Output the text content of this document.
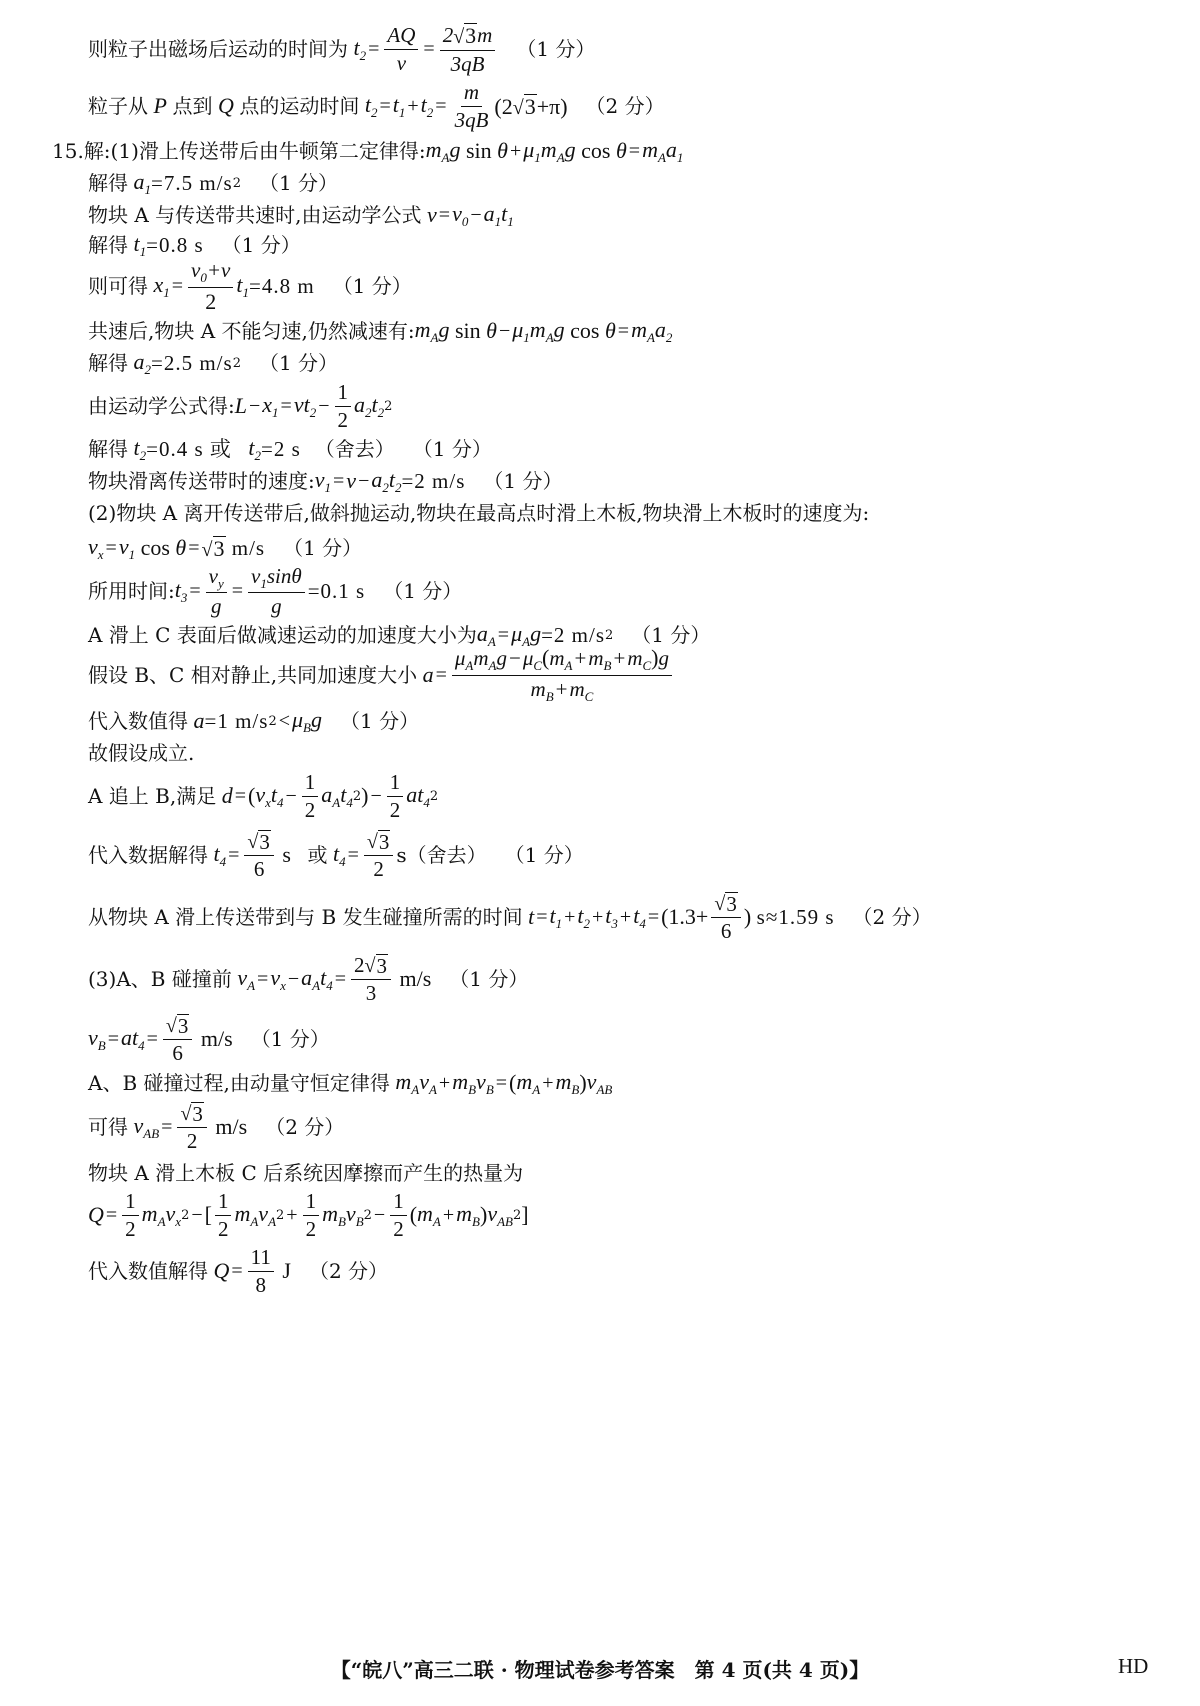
则粒子出磁场后运动的时间为 $t_2 = \frac{AQ}{v} = \frac{2 √ 3 m}{3qB} (1$ 分）
粒子从 P 点到 Q 点的运动时间 $t_2 = t_1 + t_2 = \frac{m}{3qB} (2$ √ 3 +π) （2 分）
15. 解:(1)滑上传送带后由牛顿第二定律得: $m_Ag$ $\sin \theta + \mu_1m_Ag$ $\cos \theta = m_Aa_1$
解得 $a_1 =7.5$ m/s 2 （1 分）
物块 A 与传送带共速时,由运动学公式 $v = v_0 - a_1t_1$
解得 $t_1 =0.8$ s （1 分）
则可得 $x_1 = \frac{v_0+v}{2} t_1 =4.8$ m （1 分）
共速后,物块 A 不能匀速,仍然减速有: $m_Ag$ $\sin \theta - \mu_1m_Ag$ $\cos \theta = m_Aa_2$
解得 $a_2 =2.5$ m/s 2 （1 分）
由运动学公式得: $L - x_1 = vt_2 - \frac{1}{2} a_2t_2$ 2
解得 $t_2 =0.4$ s 或 $t_2 =2$ s （舍去） （1 分）
物块滑离传送带时的速度: $v_1 = v - a_2t_2 =2$ m/s （1 分）
(2)物块 A 离开传送带后,做斜抛运动,物块在最高点时滑上木板,物块滑上木板时的速度为:
$v_x = v_1$ cos θ = √ 3
m/s （1 分）
所用时间: $t_3 = \frac{v_y}{g} = \frac{v_1\sin\theta}{g} =0.1$ s （1 分）
A 滑上 C 表面后做减速运动的加速度大小为 $a_A = \mu_Ag =2$ m/s 2 （1 分）
假设 B、C 相对静止,共同加速度大小 $a = \frac{\mu_Am_Ag-\mu_C(m_A+m_B+m_C)g}{m_B+m_C}$
代入数值得 a =1 m/s $2 < \mu_Bg$ （1 分）
故假设成立.
A 追上 B,满足 d = ( $v_xt_4 - \frac{1}{2} a_At_4$ 2 ) − $\frac{1}{2} at_4$ 2
代入数据解得 $t_4 = \frac{√ 3}{6}$ s 或 $t_4 = \frac{√ 3}{2} s$（舍去） （1 分）
从物块 A 滑上传送带到与 B 发生碰撞所需的时间 $t = t_1 + t_2 + t_3 + t_4 = (1.3+ \frac{√ 3}{6}$ ) s≈1.59 s （2 分）
(3)A、B 碰撞前 $v_A = v_x - a_At_4 = \frac{2 √ 3}{3} m/s$ （1 分）
$v_B = at_4 = \frac{√ 3}{6} m/s$ （1 分）
A、B 碰撞过程,由动量守恒定律得 $m_Av_A + m_Bv_B$ = ( $m_A + m_B$ ) $v_{AB}$
可得 $v_{AB} = \frac{√ 3}{2} m/s$ （2 分）
物块 A 滑上木板 C 后系统因摩擦而产生的热量为
$Q = \frac{1}{2} m_Av_x$ 2 − [ $\frac{1}{2} m_Av_A$ $2 + \frac{1}{2} m_Bv_B$ $2 - \frac{1}{2}$ ( $m_A + m_B$ ) $v_{AB}$ 2 ]
代入数值解得 $Q = \frac{11}{8}$ J （2 分）
【“皖八”高三二联 · 物理试卷参考答案　第 4 页(共 4 页)】	HD
